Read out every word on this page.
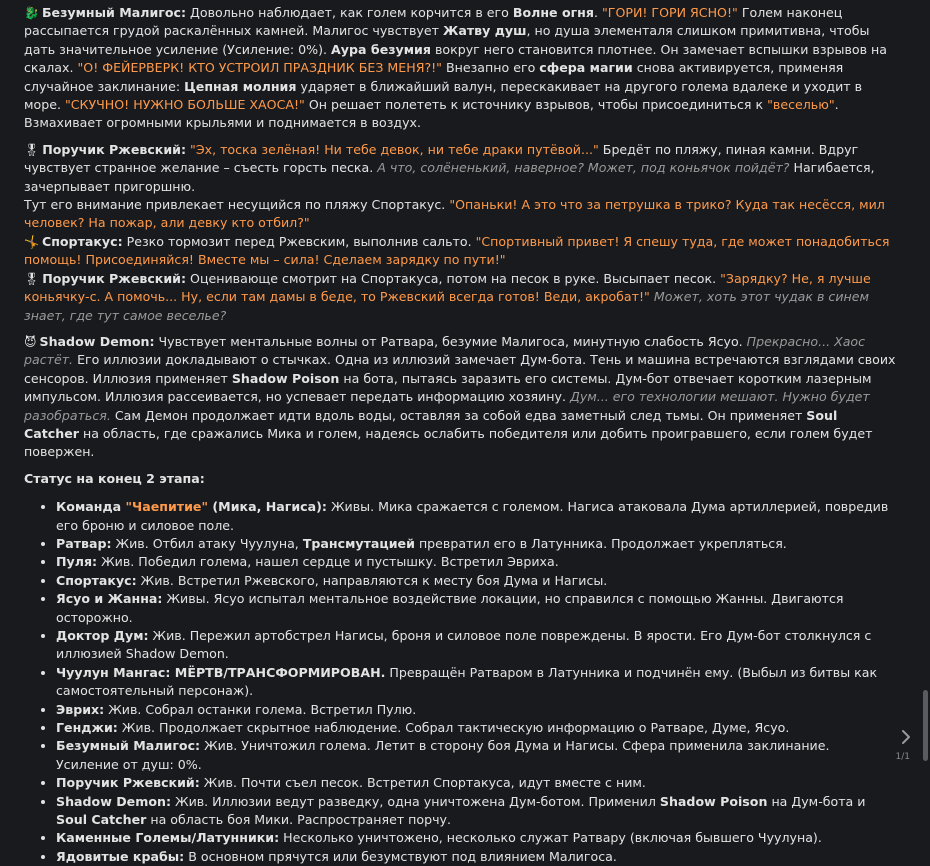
🐉 Безумный Малигос: Довольно наблюдает, как голем корчится в его Волне огня. "ГОРИ! ГОРИ ЯСНО!" Голем наконец рассыпается грудой раскалённых камней. Малигос чувствует Жатву душ, но душа элементаля слишком примитивна, чтобы дать значительное усиление (Усиление: 0%). Аура безумия вокруг него становится плотнее. Он замечает вспышки взрывов на скалах. "О! ФЕЙЕРВЕРК! КТО УСТРОИЛ ПРАЗДНИК БЕЗ МЕНЯ?!" Внезапно его сфера магии снова активируется, применяя случайное заклинание: Цепная молния ударяет в ближайший валун, перескакивает на другого голема вдалеке и уходит в море. "СКУЧНО! НУЖНО БОЛЬШЕ ХАОСА!" Он решает полететь к источнику взрывов, чтобы присоединиться к "веселью". Взмахивает огромными крыльями и поднимается в воздух.

🎖 Поручик Ржевский: "Эх, тоска зелёная! Ни тебе девок, ни тебе драки путёвой..." Бредёт по пляжу, пиная камни. Вдруг чувствует странное желание – съесть горсть песка. А что, солёненький, наверное? Может, под коньячок пойдёт? Нагибается, зачерпывает пригоршню.

Тут его внимание привлекает несущийся по пляжу Спортакус. "Опаньки! А это что за петрушка в трико? Куда так несёсся, мил человек? На пожар, али девку кто отбил?"

🤸 Спортакус: Резко тормозит перед Ржевским, выполнив сальто. "Спортивный привет! Я спешу туда, где может понадобиться помощь! Присоединяйся! Вместе мы – сила! Сделаем зарядку по пути!"

🎖 Поручик Ржевский: Оценивающе смотрит на Спортакуса, потом на песок в руке. Высыпает песок. "Зарядку? Не, я лучше коньячку-с. А помочь... Ну, если там дамы в беде, то Ржевский всегда готов! Веди, акробат!" Может, хоть этот чудак в синем знает, где тут самое веселье?

😈 Shadow Demon: Чувствует ментальные волны от Ратвара, безумие Малигоса, минутную слабость Ясуо. Прекрасно... Хаос растёт. Его иллюзии докладывают о стычках. Одна из иллюзий замечает Дум-бота. Тень и машина встречаются взглядами своих сенсоров. Иллюзия применяет Shadow Poison на бота, пытаясь заразить его системы. Дум-бот отвечает коротким лазерным импульсом. Иллюзия рассеивается, но успевает передать информацию хозяину. Дум... его технологии мешают. Нужно будет разобраться. Сам Демон продолжает идти вдоль воды, оставляя за собой едва заметный след тьмы. Он применяет Soul Catcher на область, где сражались Мика и голем, надеясь ослабить победителя или добить проигравшего, если голем будет повержен.

Статус на конец 2 этапа:
• Команда "Чаепитие" (Мика, Нагиса): Живы. Мика сражается с големом. Нагиса атаковала Дума артиллерией, повредив его броню и силовое поле.
• Ратвар: Жив. Отбил атаку Чуулуна, Трансмутацией превратил его в Латунника. Продолжает укрепляться.
• Пуля: Жив. Победил голема, нашел сердце и пустышку. Встретил Эвриха.
• Спортакус: Жив. Встретил Ржевского, направляются к месту боя Дума и Нагисы.
• Ясуо и Жанна: Живы. Ясуо испытал ментальное воздействие локации, но справился с помощью Жанны. Двигаются осторожно.
• Доктор Дум: Жив. Пережил артобстрел Нагисы, броня и силовое поле повреждены. В ярости. Его Дум-бот столкнулся с иллюзией Shadow Demon.
• Чуулун Мангас: МЁРТВ/ТРАНСФОРМИРОВАН. Превращён Ратваром в Латунника и подчинён ему. (Выбыл из битвы как самостоятельный персонаж).
• Эврих: Жив. Собрал останки голема. Встретил Пулю.
• Генджи: Жив. Продолжает скрытное наблюдение. Собрал тактическую информацию о Ратваре, Думе, Ясуо.
• Безумный Малигос: Жив. Уничтожил голема. Летит в сторону боя Дума и Нагисы. Сфера применила заклинание. Усиление от душ: 0%.
• Поручик Ржевский: Жив. Почти съел песок. Встретил Спортакуса, идут вместе с ним.
• Shadow Demon: Жив. Иллюзии ведут разведку, одна уничтожена Дум-ботом. Применил Shadow Poison на Дум-бота и Soul Catcher на область боя Мики. Распространяет порчу.
• Каменные Големы/Латунники: Несколько уничтожено, несколько служат Ратвару (включая бывшего Чуулуна).
• Ядовитые крабы: В основном прячутся или безумствуют под влиянием Малигоса.
1/1
